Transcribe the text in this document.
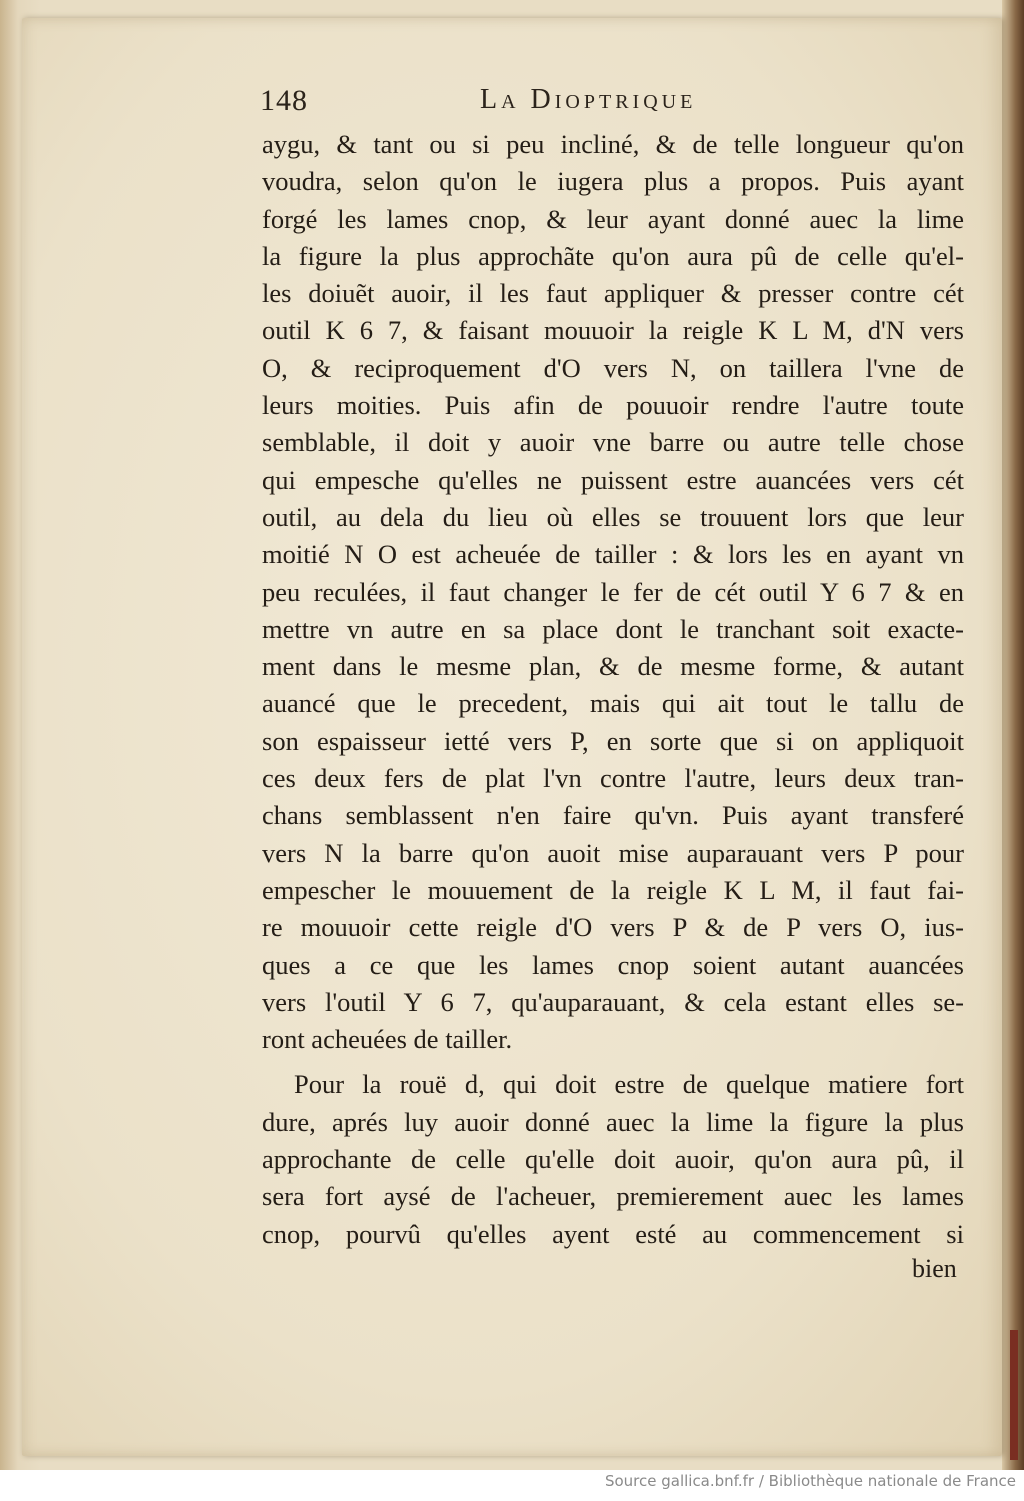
148	La Dioptrique
aygu, & tant ou si peu incliné, & de telle longueur qu'on
voudra, selon qu'on le iugera plus a propos. Puis ayant
forgé les lames cnop, & leur ayant donné auec la lime
la figure la plus approchãte qu'on aura pû de celle qu'el-
les doiuẽt auoir, il les faut appliquer & presser contre cét
outil K 6 7, & faisant mouuoir la reigle K L M, d'N vers
O, & reciproquement d'O vers N, on taillera l'vne de
leurs moities. Puis afin de pouuoir rendre l'autre toute
semblable, il doit y auoir vne barre ou autre telle chose
qui empesche qu'elles ne puissent estre auancées vers cét
outil, au dela du lieu où elles se trouuent lors que leur
moitié N O est acheuée de tailler : & lors les en ayant vn
peu reculées, il faut changer le fer de cét outil Y 6 7 & en
mettre vn autre en sa place dont le tranchant soit exacte-
ment dans le mesme plan, & de mesme forme, & autant
auancé que le precedent, mais qui ait tout le tallu de
son espaisseur ietté vers P, en sorte que si on appliquoit
ces deux fers de plat l'vn contre l'autre, leurs deux tran-
chans semblassent n'en faire qu'vn. Puis ayant transferé
vers N la barre qu'on auoit mise auparauant vers P pour
empescher le mouuement de la reigle K L M, il faut fai-
re mouuoir cette reigle d'O vers P & de P vers O, ius-
ques a ce que les lames cnop soient autant auancées
vers l'outil Y 6 7, qu'auparauant, & cela estant elles se-
ront acheuées de tailler.
Pour la rouë d, qui doit estre de quelque matiere fort
dure, aprés luy auoir donné auec la lime la figure la plus
approchante de celle qu'elle doit auoir, qu'on aura pû, il
sera fort aysé de l'acheuer, premierement auec les lames
cnop, pourvû qu'elles ayent esté au commencement si
bien
Source gallica.bnf.fr / Bibliothèque nationale de France
